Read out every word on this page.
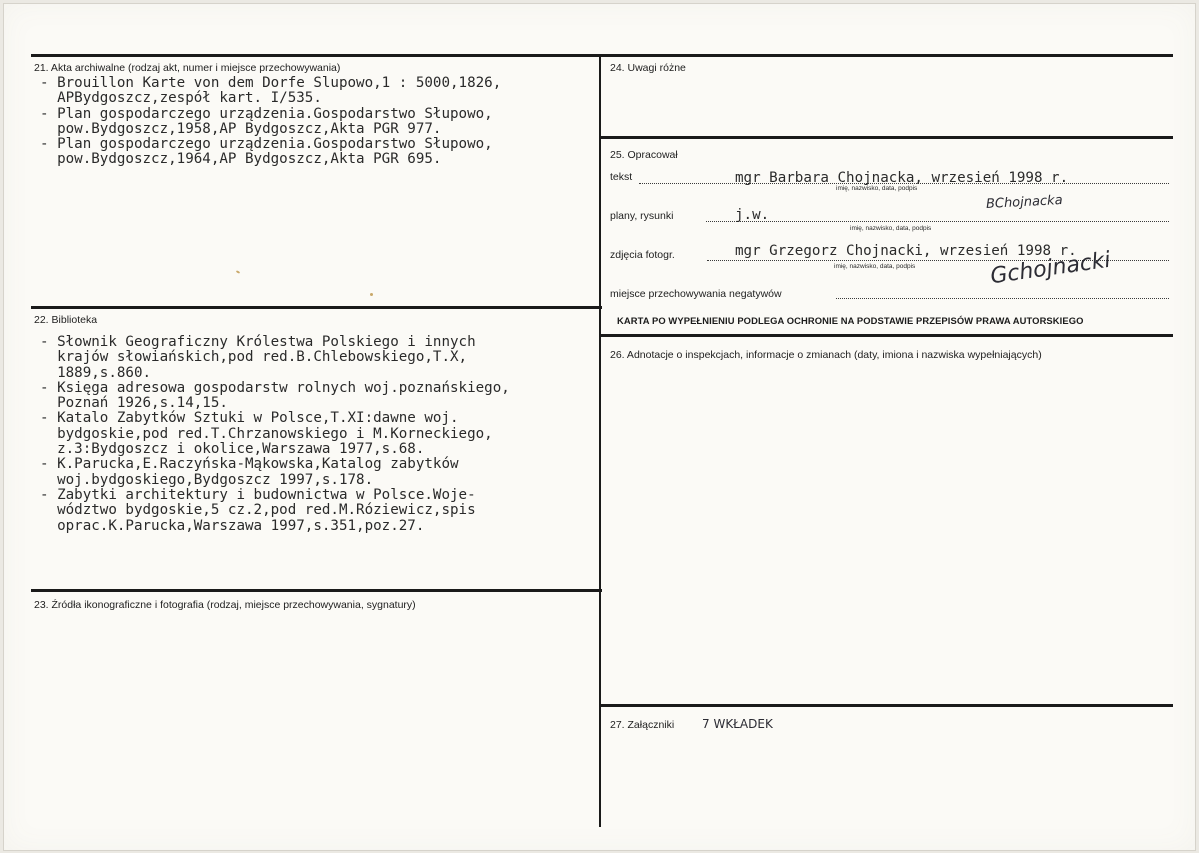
21. Akta archiwalne (rodzaj akt, numer i miejsce przechowywania)
- Brouillon Karte von dem Dorfe Slupowo,1 : 5000,1826,
APBydgoszcz,zespół kart. I/535.
- Plan gospodarczego urządzenia.Gospodarstwo Słupowo,
pow.Bydgoszcz,1958,AP Bydgoszcz,Akta PGR 977.
- Plan gospodarczego urządzenia.Gospodarstwo Słupowo,
pow.Bydgoszcz,1964,AP Bydgoszcz,Akta PGR 695.
22. Biblioteka
- Słownik Geograficzny Królestwa Polskiego i innych
krajów słowiańskich,pod red.B.Chlebowskiego,T.X,
1889,s.860.
- Księga adresowa gospodarstw rolnych woj.poznańskiego,
Poznań 1926,s.14,15.
- Katalo Zabytków Sztuki w Polsce,T.XI:dawne woj.
bydgoskie,pod red.T.Chrzanowskiego i M.Korneckiego,
z.3:Bydgoszcz i okolice,Warszawa 1977,s.68.
- K.Parucka,E.Raczyńska-Mąkowska,Katalog zabytków
woj.bydgoskiego,Bydgoszcz 1997,s.178.
- Zabytki architektury i budownictwa w Polsce.Woje-
wództwo bydgoskie,5 cz.2,pod red.M.Róziewicz,spis
oprac.K.Parucka,Warszawa 1997,s.351,poz.27.
23. Źródła ikonograficzne i fotografia (rodzaj, miejsce przechowywania, sygnatury)
24. Uwagi różne
25. Opracował
tekst	mgr Barbara Chojnacka, wrzesień 1998 r.
imię, nazwisko, data, podpis
plany, rysunki	j.w.
imię, nazwisko, data, podpis
BChojnacka
zdjęcia fotogr.	mgr Grzegorz Chojnacki, wrzesień 1998 r.
imię, nazwisko, data, podpis	Gchojnacki
miejsce przechowywania negatywów
KARTA PO WYPEŁNIENIU PODLEGA OCHRONIE NA PODSTAWIE PRZEPISÓW PRAWA AUTORSKIEGO
26. Adnotacje o inspekcjach, informacje o zmianach (daty, imiona i nazwiska wypełniających)
27. Załączniki 7 WKŁADEK
